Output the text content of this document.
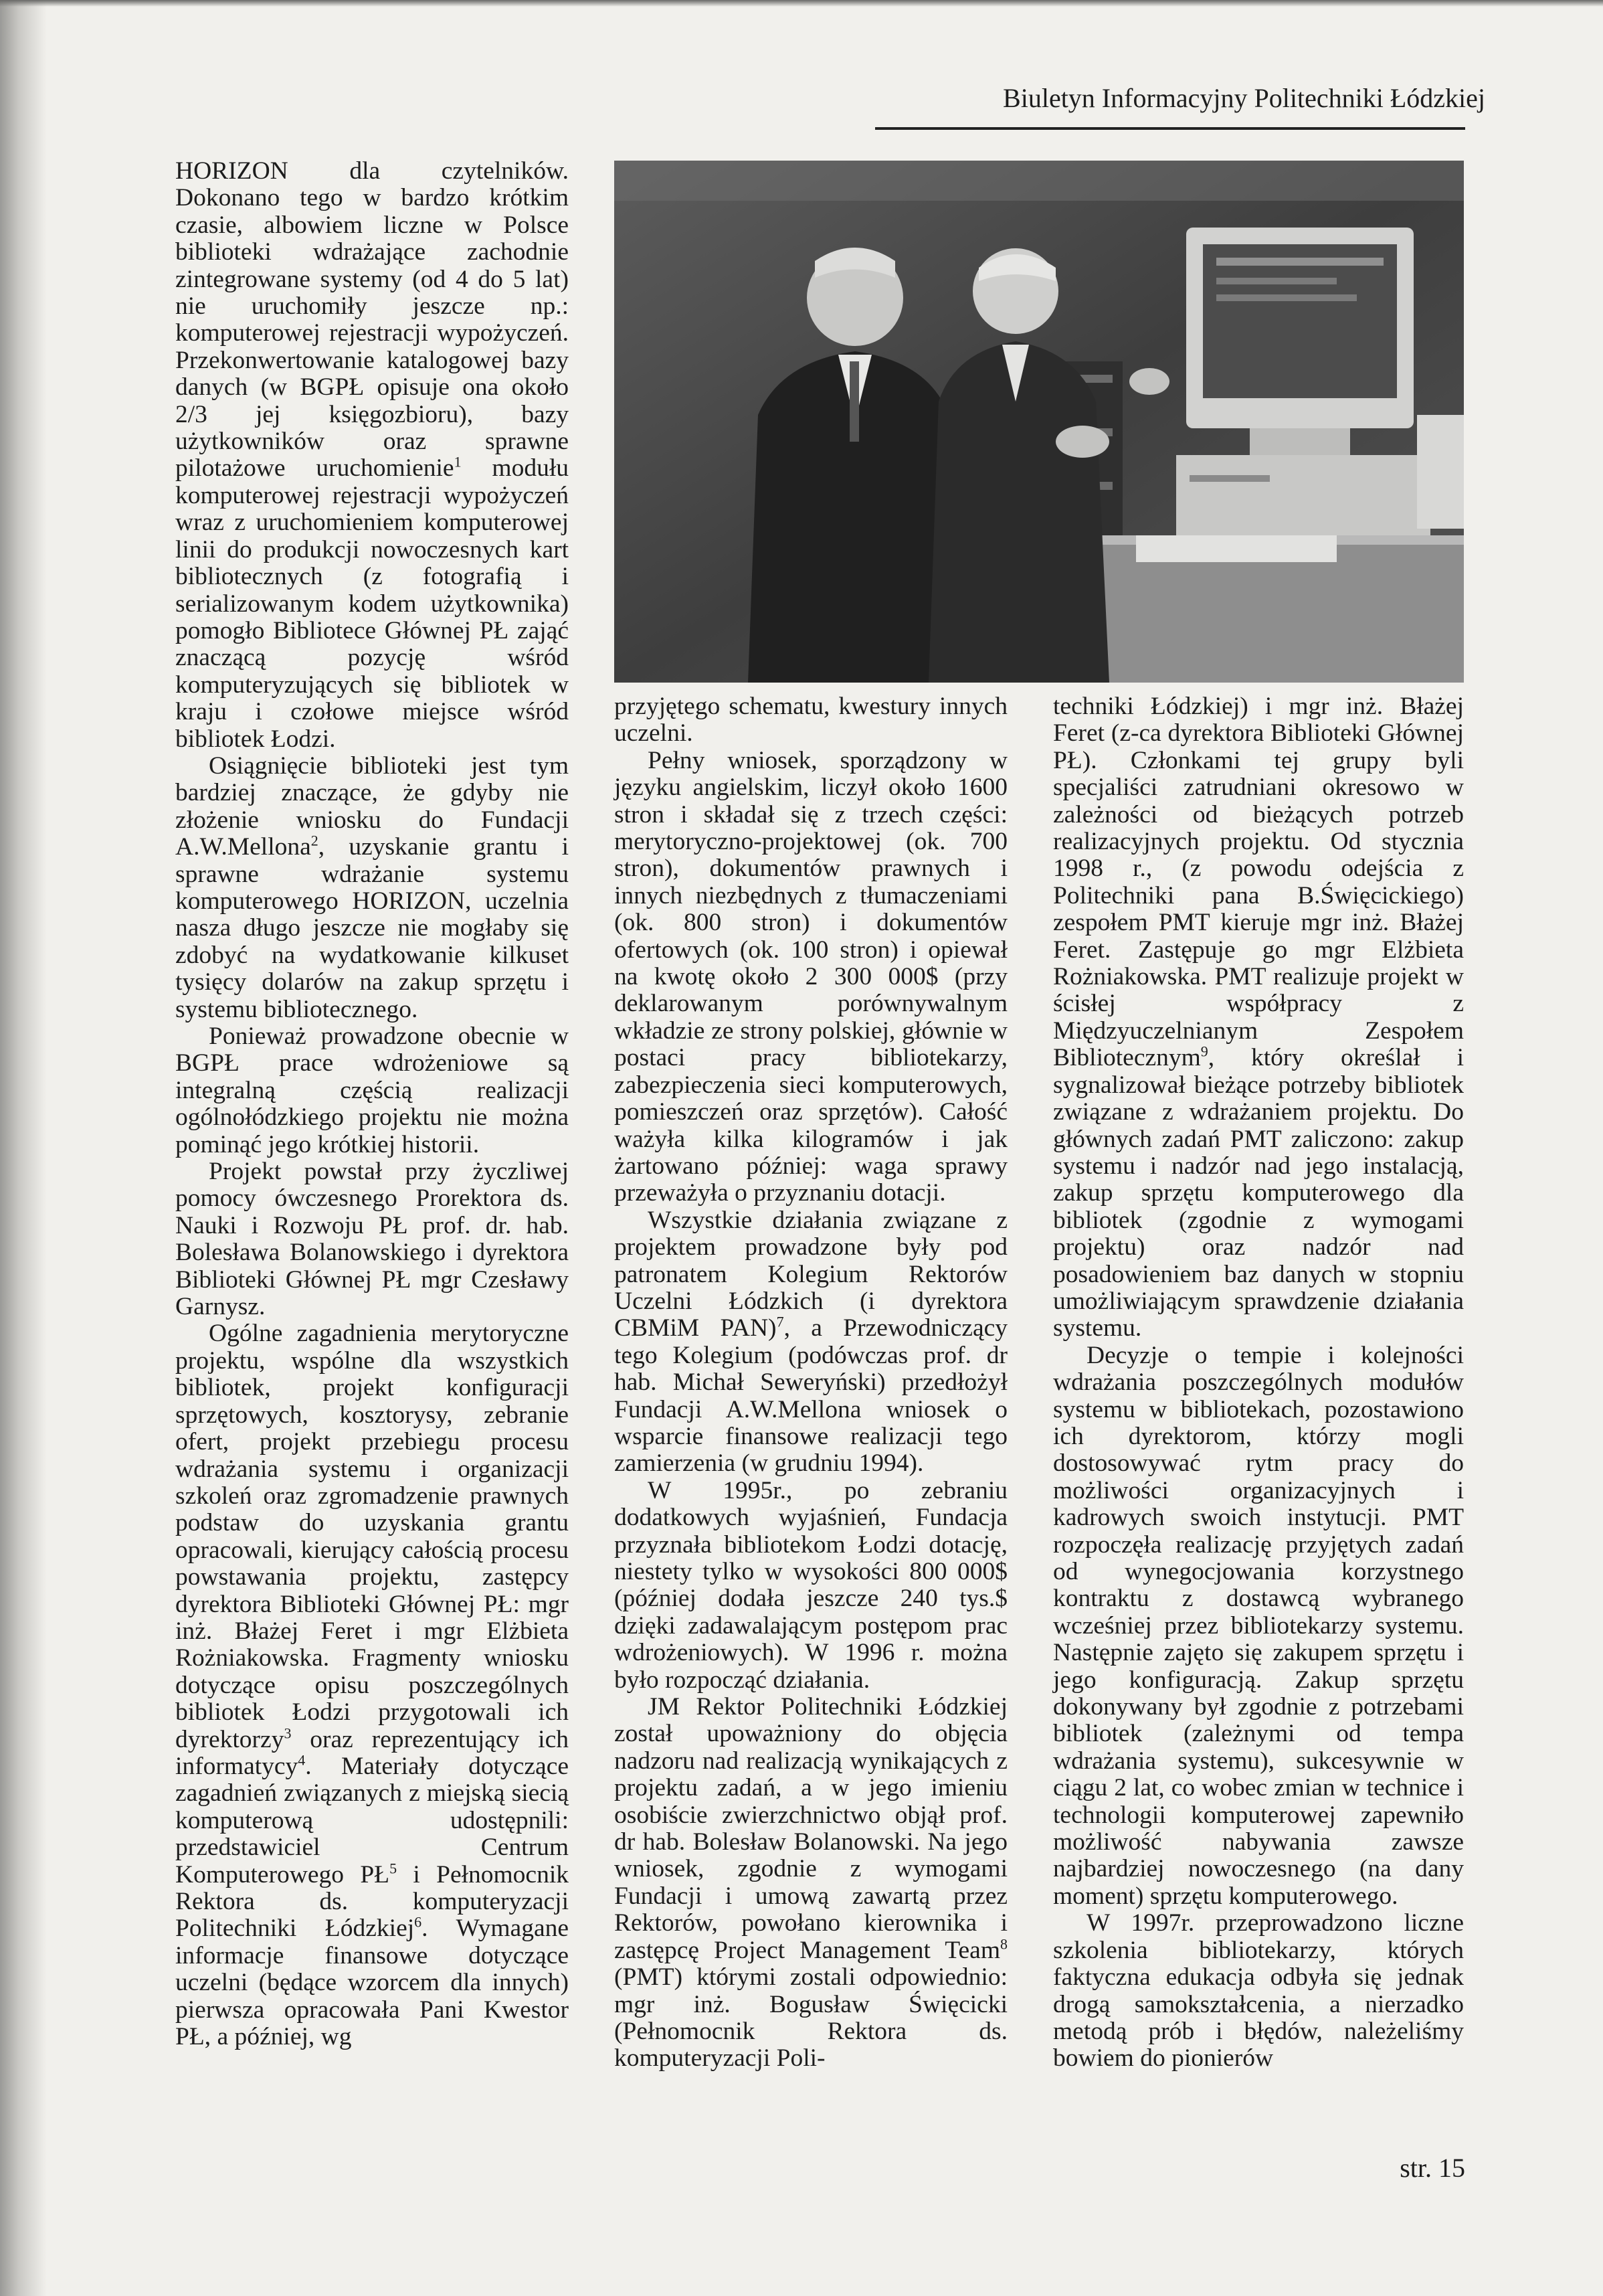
Biuletyn Informacyjny Politechniki Łódzkiej

HORIZON dla czytelników. Dokonano tego w bardzo krótkim czasie, albowiem liczne w Polsce biblioteki wdrażające zachodnie zintegrowane systemy (od 4 do 5 lat) nie uruchomiły jeszcze np.: komputerowej rejestracji wypożyczeń. Przekonwertowanie katalogowej bazy danych (w BGPŁ opisuje ona około 2/3 jej księgozbioru), bazy użytkowników oraz sprawne pilotażowe uruchomienie$^1$ modułu komputerowej rejestracji wypożyczeń wraz z uruchomieniem komputerowej linii do produkcji nowoczesnych kart bibliotecznych (z fotografią i serializowanym kodem użytkownika) pomogło Bibliotece Głównej PŁ zająć znaczącą pozycję wśród komputeryzujących się bibliotek w kraju i czołowe miejsce wśród bibliotek Łodzi.

Osiągnięcie biblioteki jest tym bardziej znaczące, że gdyby nie złożenie wniosku do Fundacji A.W.Mellona$^2$, uzyskanie grantu i sprawne wdrażanie systemu komputerowego HORIZON, uczelnia nasza długo jeszcze nie mogłaby się zdobyć na wydatkowanie kilkuset tysięcy dolarów na zakup sprzętu i systemu bibliotecznego.

Ponieważ prowadzone obecnie w BGPŁ prace wdrożeniowe są integralną częścią realizacji ogólnołódzkiego projektu nie można pominąć jego krótkiej historii.

Projekt powstał przy życzliwej pomocy ówczesnego Prorektora ds. Nauki i Rozwoju PŁ prof. dr. hab. Bolesława Bolanowskiego i dyrektora Biblioteki Głównej PŁ mgr Czesławy Garnysz.

Ogólne zagadnienia merytoryczne projektu, wspólne dla wszystkich bibliotek, projekt konfiguracji sprzętowych, kosztorysy, zebranie ofert, projekt przebiegu procesu wdrażania systemu i organizacji szkoleń oraz zgromadzenie prawnych podstaw do uzyskania grantu opracowali, kierujący całością procesu powstawania projektu, zastępcy dyrektora Biblioteki Głównej PŁ: mgr inż. Błażej Feret i mgr Elżbieta Rożniakowska. Fragmenty wniosku dotyczące opisu poszczególnych bibliotek Łodzi przygotowali ich dyrektorzy$^3$ oraz reprezentujący ich informatycy$^4$. Materiały dotyczące zagadnień związanych z miejską siecią komputerową udostępnili: przedstawiciel Centrum Komputerowego $PŁ^5$ i Pełnomocnik Rektora ds. komputeryzacji Politechniki Łódzkiej$^6$. Wymagane informacje finansowe dotyczące uczelni (będące wzorcem dla innych) pierwsza opracowała Pani Kwestor PŁ, a później, wg

przyjętego schematu, kwestury innych uczelni.

Pełny wniosek, sporządzony w języku angielskim, liczył około 1600 stron i składał się z trzech części: merytoryczno-projektowej (ok. 700 stron), dokumentów prawnych i innych niezbędnych z tłumaczeniami (ok. 800 stron) i dokumentów ofertowych (ok. 100 stron) i opiewał na kwotę około 2 300 000$ (przy deklarowanym porównywalnym wkładzie ze strony polskiej, głównie w postaci pracy bibliotekarzy, zabezpieczenia sieci komputerowych, pomieszczeń oraz sprzętów). Całość ważyła kilka kilogramów i jak żartowano później: waga sprawy przeważyła o przyznaniu dotacji.

Wszystkie działania związane z projektem prowadzone były pod patronatem Kolegium Rektorów Uczelni Łódzkich (i dyrektora CBMiM PAN)$^7$, a Przewodniczący tego Kolegium (podówczas prof. dr hab. Michał Seweryński) przedłożył Fundacji A.W.Mellona wniosek o wsparcie finansowe realizacji tego zamierzenia (w grudniu 1994).

W 1995r., po zebraniu dodatkowych wyjaśnień, Fundacja przyznała bibliotekom Łodzi dotację, niestety tylko w wysokości 800 000$ (później dodała jeszcze 240 tys.$ dzięki zadawalającym postępom prac wdrożeniowych). W 1996 r. można było rozpocząć działania.

JM Rektor Politechniki Łódzkiej został upoważniony do objęcia nadzoru nad realizacją wynikających z projektu zadań, a w jego imieniu osobiście zwierzchnictwo objął prof. dr hab. Bolesław Bolanowski. Na jego wniosek, zgodnie z wymogami Fundacji i umową zawartą przez Rektorów, powołano kierownika i zastępcę Project Management Team$^8$ (PMT) którymi zostali odpowiednio: mgr inż. Bogusław Święcicki (Pełnomocnik Rektora ds. komputeryzacji Poli-

techniki Łódzkiej) i mgr inż. Błażej Feret (z-ca dyrektora Biblioteki Głównej PŁ). Członkami tej grupy byli specjaliści zatrudniani okresowo w zależności od bieżących potrzeb realizacyjnych projektu. Od stycznia 1998 r., (z powodu odejścia z Politechniki pana B.Święcickiego) zespołem PMT kieruje mgr inż. Błażej Feret. Zastępuje go mgr Elżbieta Rożniakowska. PMT realizuje projekt w ścisłej współpracy z Międzyuczelnianym Zespołem Bibliotecznym$^9$, który określał i sygnalizował bieżące potrzeby bibliotek związane z wdrażaniem projektu. Do głównych zadań PMT zaliczono: zakup systemu i nadzór nad jego instalacją, zakup sprzętu komputerowego dla bibliotek (zgodnie z wymogami projektu) oraz nadzór nad posadowieniem baz danych w stopniu umożliwiającym sprawdzenie działania systemu.

Decyzje o tempie i kolejności wdrażania poszczególnych modułów systemu w bibliotekach, pozostawiono ich dyrektorom, którzy mogli dostosowywać rytm pracy do możliwości organizacyjnych i kadrowych swoich instytucji. PMT rozpoczęła realizację przyjętych zadań od wynegocjowania korzystnego kontraktu z dostawcą wybranego wcześniej przez bibliotekarzy systemu. Następnie zajęto się zakupem sprzętu i jego konfiguracją. Zakup sprzętu dokonywany był zgodnie z potrzebami bibliotek (zależnymi od tempa wdrażania systemu), sukcesywnie w ciągu 2 lat, co wobec zmian w technice i technologii komputerowej zapewniło możliwość nabywania zawsze najbardziej nowoczesnego (na dany moment) sprzętu komputerowego.

W 1997r. przeprowadzono liczne szkolenia bibliotekarzy, których faktyczna edukacja odbyła się jednak drogą samokształcenia, a nierzadko metodą prób i błędów, należeliśmy bowiem do pionierów

str. 15
